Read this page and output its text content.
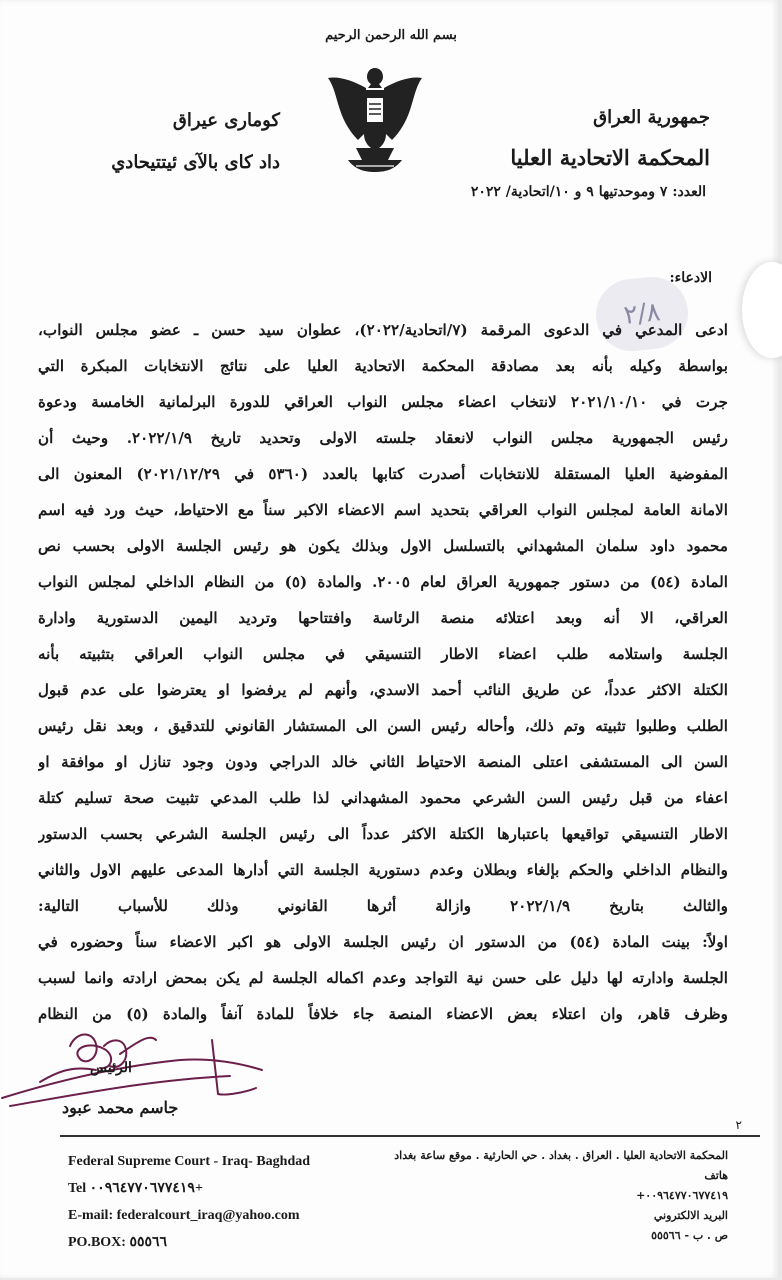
بسم الله الرحمن الرحيم
جمهورية العراق
المحكمة الاتحادية العليا
كوماری عیراق
داد كاى بالآى ئيتتيحادي
العدد: ٧ وموحدتيها ٩ و ١٠/اتحادية/ ٢٠٢٢
الادعاء:
٢/٨

ادعى المدعي في الدعوى المرقمة (٧/اتحادية/٢٠٢٢)، عطوان سيد حسن ـ عضو مجلس النواب،

بواسطة وكيله بأنه بعد مصادقة المحكمة الاتحادية العليا على نتائج الانتخابات المبكرة التي

جرت في ٢٠٢١/١٠/١٠ لانتخاب اعضاء مجلس النواب العراقي للدورة البرلمانية الخامسة ودعوة

رئيس الجمهورية مجلس النواب لانعقاد جلسته الاولى وتحديد تاريخ ٢٠٢٢/١/٩. وحيث أن

المفوضية العليا المستقلة للانتخابات أصدرت كتابها بالعدد (٥٣٦٠ في ٢٠٢١/١٢/٢٩) المعنون الى

الامانة العامة لمجلس النواب العراقي بتحديد اسم الاعضاء الاكبر سناً مع الاحتياط، حيث ورد فيه اسم

محمود داود سلمان المشهداني بالتسلسل الاول وبذلك يكون هو رئيس الجلسة الاولى بحسب نص

المادة (٥٤) من دستور جمهورية العراق لعام ٢٠٠٥. والمادة (٥) من النظام الداخلي لمجلس النواب

العراقي، الا أنه وبعد اعتلائه منصة الرئاسة وافتتاحها وترديد اليمين الدستورية وادارة

الجلسة واستلامه طلب اعضاء الاطار التنسيقي في مجلس النواب العراقي بتثبيته بأنه

الكتلة الاكثر عدداً، عن طريق النائب أحمد الاسدي، وأنهم لم يرفضوا او يعترضوا على عدم قبول

الطلب وطلبوا تثبيته وتم ذلك، وأحاله رئيس السن الى المستشار القانوني للتدقيق ، وبعد نقل رئيس

السن الى المستشفى اعتلى المنصة الاحتياط الثاني خالد الدراجي ودون وجود تنازل او موافقة او

اعفاء من قبل رئيس السن الشرعي محمود المشهداني لذا طلب المدعي تثبيت صحة تسليم كتلة

الاطار التنسيقي تواقيعها باعتبارها الكتلة الاكثر عدداً الى رئيس الجلسة الشرعي بحسب الدستور

والنظام الداخلي والحكم بإلغاء وبطلان وعدم دستورية الجلسة التي أدارها المدعى عليهم الاول والثاني

والثالث بتاريخ ٢٠٢٢/١/٩ وازالة أثرها القانوني وذلك للأسباب التالية:

اولاً: بينت المادة (٥٤) من الدستور ان رئيس الجلسة الاولى هو اكبر الاعضاء سناً وحضوره في

الجلسة وادارته لها دليل على حسن نية التواجد وعدم اكماله الجلسة لم يكن بمحض ارادته وانما لسبب

وظرف قاهر، وان اعتلاء بعض الاعضاء المنصة جاء خلافاً للمادة آنفاً والمادة (٥) من النظام

الرئيس
جاسم محمد عبود
٢
Federal Supreme Court - Iraq- Baghdad
Tel ٠٠٩٦٤٧٧٠٦٧٧٤١٩+
E-mail: federalcourt_iraq@yahoo.com
PO.BOX: ٥٥٥٦٦
المحكمة الاتحادية العليا . العراق . بغداد . حي الحارثية . موقع ساعة بغداد
هاتف
٠٠٩٦٤٧٧٠٦٧٧٤١٩+
البريد الالكتروني
ص . ب - ٥٥٥٦٦
